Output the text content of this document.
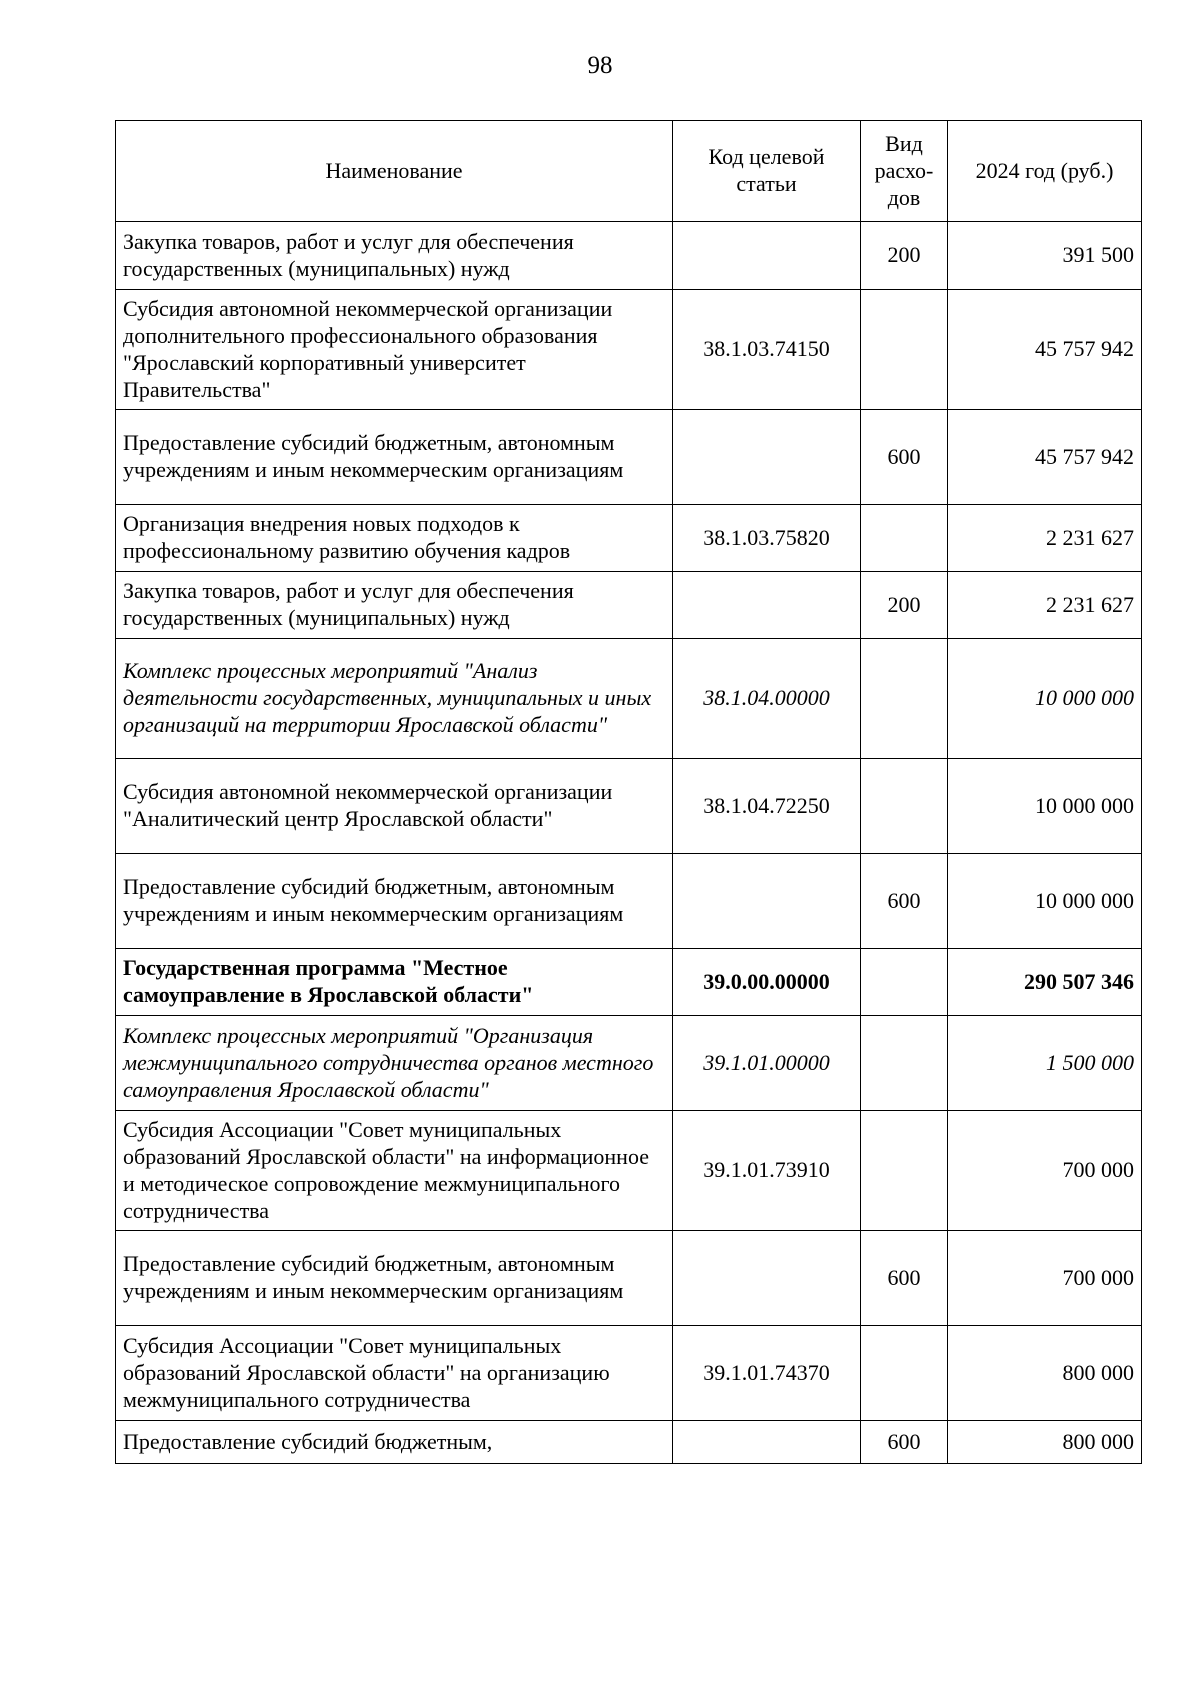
98
Наименование	Код целевой статьи	Вид расхо-дов	2024 год (руб.)
Закупка товаров, работ и услуг для обеспечения государственных (муниципальных) нужд		200	391 500
Субсидия автономной некоммерческой организации дополнительного профессионального образования "Ярославский корпоративный университет Правительства"	38.1.03.74150		45 757 942
Предоставление субсидий бюджетным, автономным учреждениям и иным некоммерческим организациям		600	45 757 942
Организация внедрения новых подходов к профессиональному развитию обучения кадров	38.1.03.75820		2 231 627
Закупка товаров, работ и услуг для обеспечения государственных (муниципальных) нужд		200	2 231 627
Комплекс процессных мероприятий "Анализ деятельности государственных, муниципальных и иных организаций на территории Ярославской области"	38.1.04.00000		10 000 000
Субсидия автономной некоммерческой организации "Аналитический центр Ярославской области"	38.1.04.72250		10 000 000
Предоставление субсидий бюджетным, автономным учреждениям и иным некоммерческим организациям		600	10 000 000
Государственная программа "Местное самоуправление в Ярославской области"	39.0.00.00000		290 507 346
Комплекс процессных мероприятий "Организация межмуниципального сотрудничества органов местного самоуправления Ярославской области"	39.1.01.00000		1 500 000
Субсидия Ассоциации "Совет муниципальных образований Ярославской области" на информационное и методическое сопровождение межмуниципального сотрудничества	39.1.01.73910		700 000
Предоставление субсидий бюджетным, автономным учреждениям и иным некоммерческим организациям		600	700 000
Субсидия Ассоциации "Совет муниципальных образований Ярославской области" на организацию межмуниципального сотрудничества	39.1.01.74370		800 000
Предоставление субсидий бюджетным,		600	800 000
